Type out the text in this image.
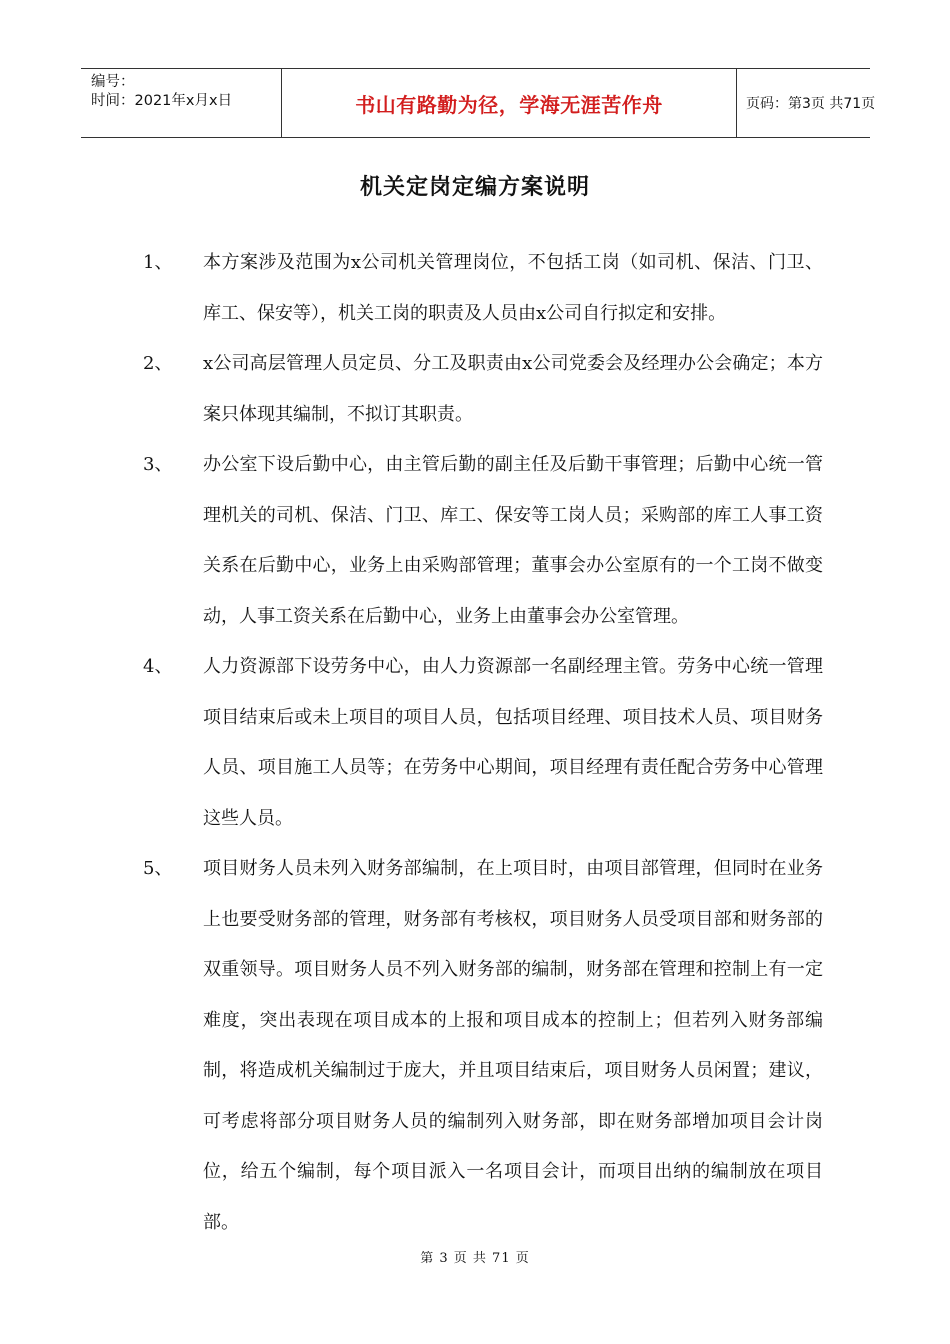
编号：
时间：2021年x月x日	书山有路勤为径，学海无涯苦作舟	页码：第3页 共71页
机关定岗定编方案说明
1、	本方案涉及范围为x公司机关管理岗位，不包括工岗（如司机、保洁、门卫、库工、保安等），机关工岗的职责及人员由x公司自行拟定和安排。
2、	x公司高层管理人员定员、分工及职责由x公司党委会及经理办公会确定；本方案只体现其编制，不拟订其职责。
3、	办公室下设后勤中心，由主管后勤的副主任及后勤干事管理；后勤中心统一管理机关的司机、保洁、门卫、库工、保安等工岗人员；采购部的库工人事工资关系在后勤中心，业务上由采购部管理；董事会办公室原有的一个工岗不做变动，人事工资关系在后勤中心，业务上由董事会办公室管理。
4、	人力资源部下设劳务中心，由人力资源部一名副经理主管。劳务中心统一管理项目结束后或未上项目的项目人员，包括项目经理、项目技术人员、项目财务人员、项目施工人员等；在劳务中心期间，项目经理有责任配合劳务中心管理这些人员。
5、	项目财务人员未列入财务部编制，在上项目时，由项目部管理，但同时在业务上也要受财务部的管理，财务部有考核权，项目财务人员受项目部和财务部的双重领导。项目财务人员不列入财务部的编制，财务部在管理和控制上有一定难度，突出表现在项目成本的上报和项目成本的控制上；但若列入财务部编制，将造成机关编制过于庞大，并且项目结束后，项目财务人员闲置；建议，可考虑将部分项目财务人员的编制列入财务部，即在财务部增加项目会计岗位，给五个编制，每个项目派入一名项目会计，而项目出纳的编制放在项目部。
第 3 页 共 71 页
